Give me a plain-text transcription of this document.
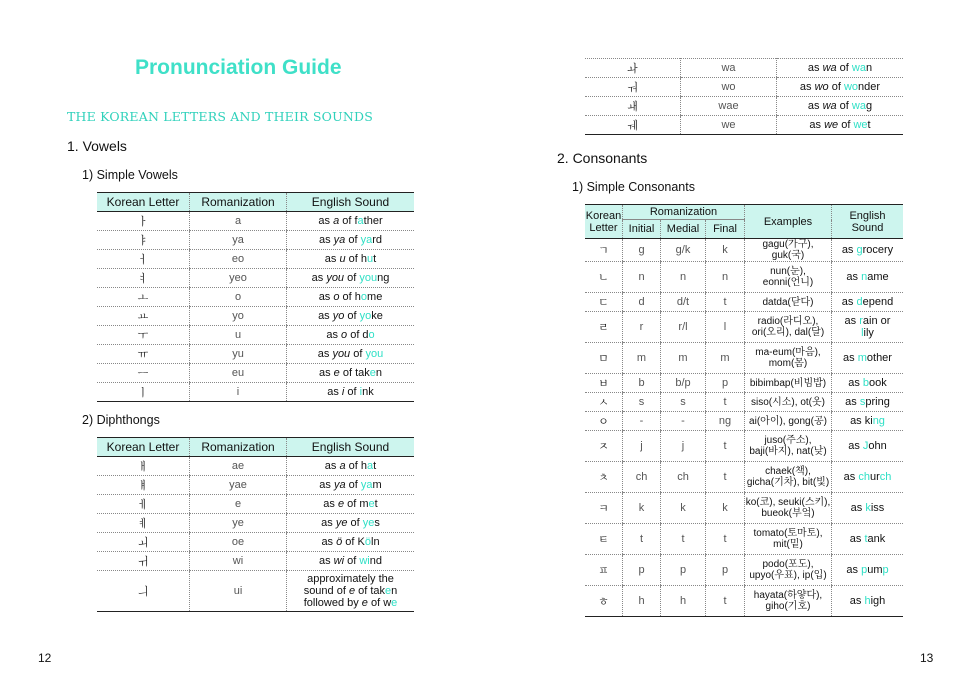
Pronunciation Guide
THE KOREAN LETTERS AND THEIR SOUNDS
1. Vowels
1) Simple Vowels
Korean Letter	Romanization	English Sound
ㅏ	a	as a of father
ㅑ	ya	as ya of yard
ㅓ	eo	as u of hut
ㅕ	yeo	as you of young
ㅗ	o	as o of home
ㅛ	yo	as yo of yoke
ㅜ	u	as o of do
ㅠ	yu	as you of you
ㅡ	eu	as e of taken
ㅣ	i	as i of ink
2) Diphthongs
Korean Letter	Romanization	English Sound
ㅐ	ae	as a of hat
ㅒ	yae	as ya of yam
ㅔ	e	as e of met
ㅖ	ye	as ye of yes
ㅚ	oe	as ö of Köln
ㅟ	wi	as wi of wind
ㅢ	ui	approximately the
sound of e of taken
followed by e of we
12
ㅘ	wa	as wa of wan
ㅝ	wo	as wo of wonder
ㅙ	wae	as wa of wag
ㅞ	we	as we of wet
2. Consonants
1) Simple Consonants
Korean
Letter	Romanization			Examples	English
Sound
	Initial	Medial	Final		
ㄱ	g	g/k	k	gagu(가구), guk(국)	as grocery
ㄴ	n	n	n	nun(눈),
eonni(언니)	as name
ㄷ	d	d/t	t	datda(닫다)	as depend
ㄹ	r	r/l	l	radio(라디오),
ori(오리), dal(달)	as rain or
lily
ㅁ	m	m	m	ma-eum(마음),
mom(몸)	as mother
ㅂ	b	b/p	p	bibimbap(비빔밥)	as book
ㅅ	s	s	t	siso(시소), ot(옷)	as spring
ㅇ	-	-	ng	ai(아이), gong(공)	as king
ㅈ	j	j	t	juso(주소),
baji(바지), nat(낮)	as John
ㅊ	ch	ch	t	chaek(책),
gicha(기차), bit(빛)	as church
ㅋ	k	k	k	ko(코), seuki(스키),
bueok(부엌)	as kiss
ㅌ	t	t	t	tomato(토마토),
mit(밑)	as tank
ㅍ	p	p	p	podo(포도),
upyo(우표), ip(입)	as pump
ㅎ	h	h	t	hayata(하얗다),
giho(기호)	as high
13
